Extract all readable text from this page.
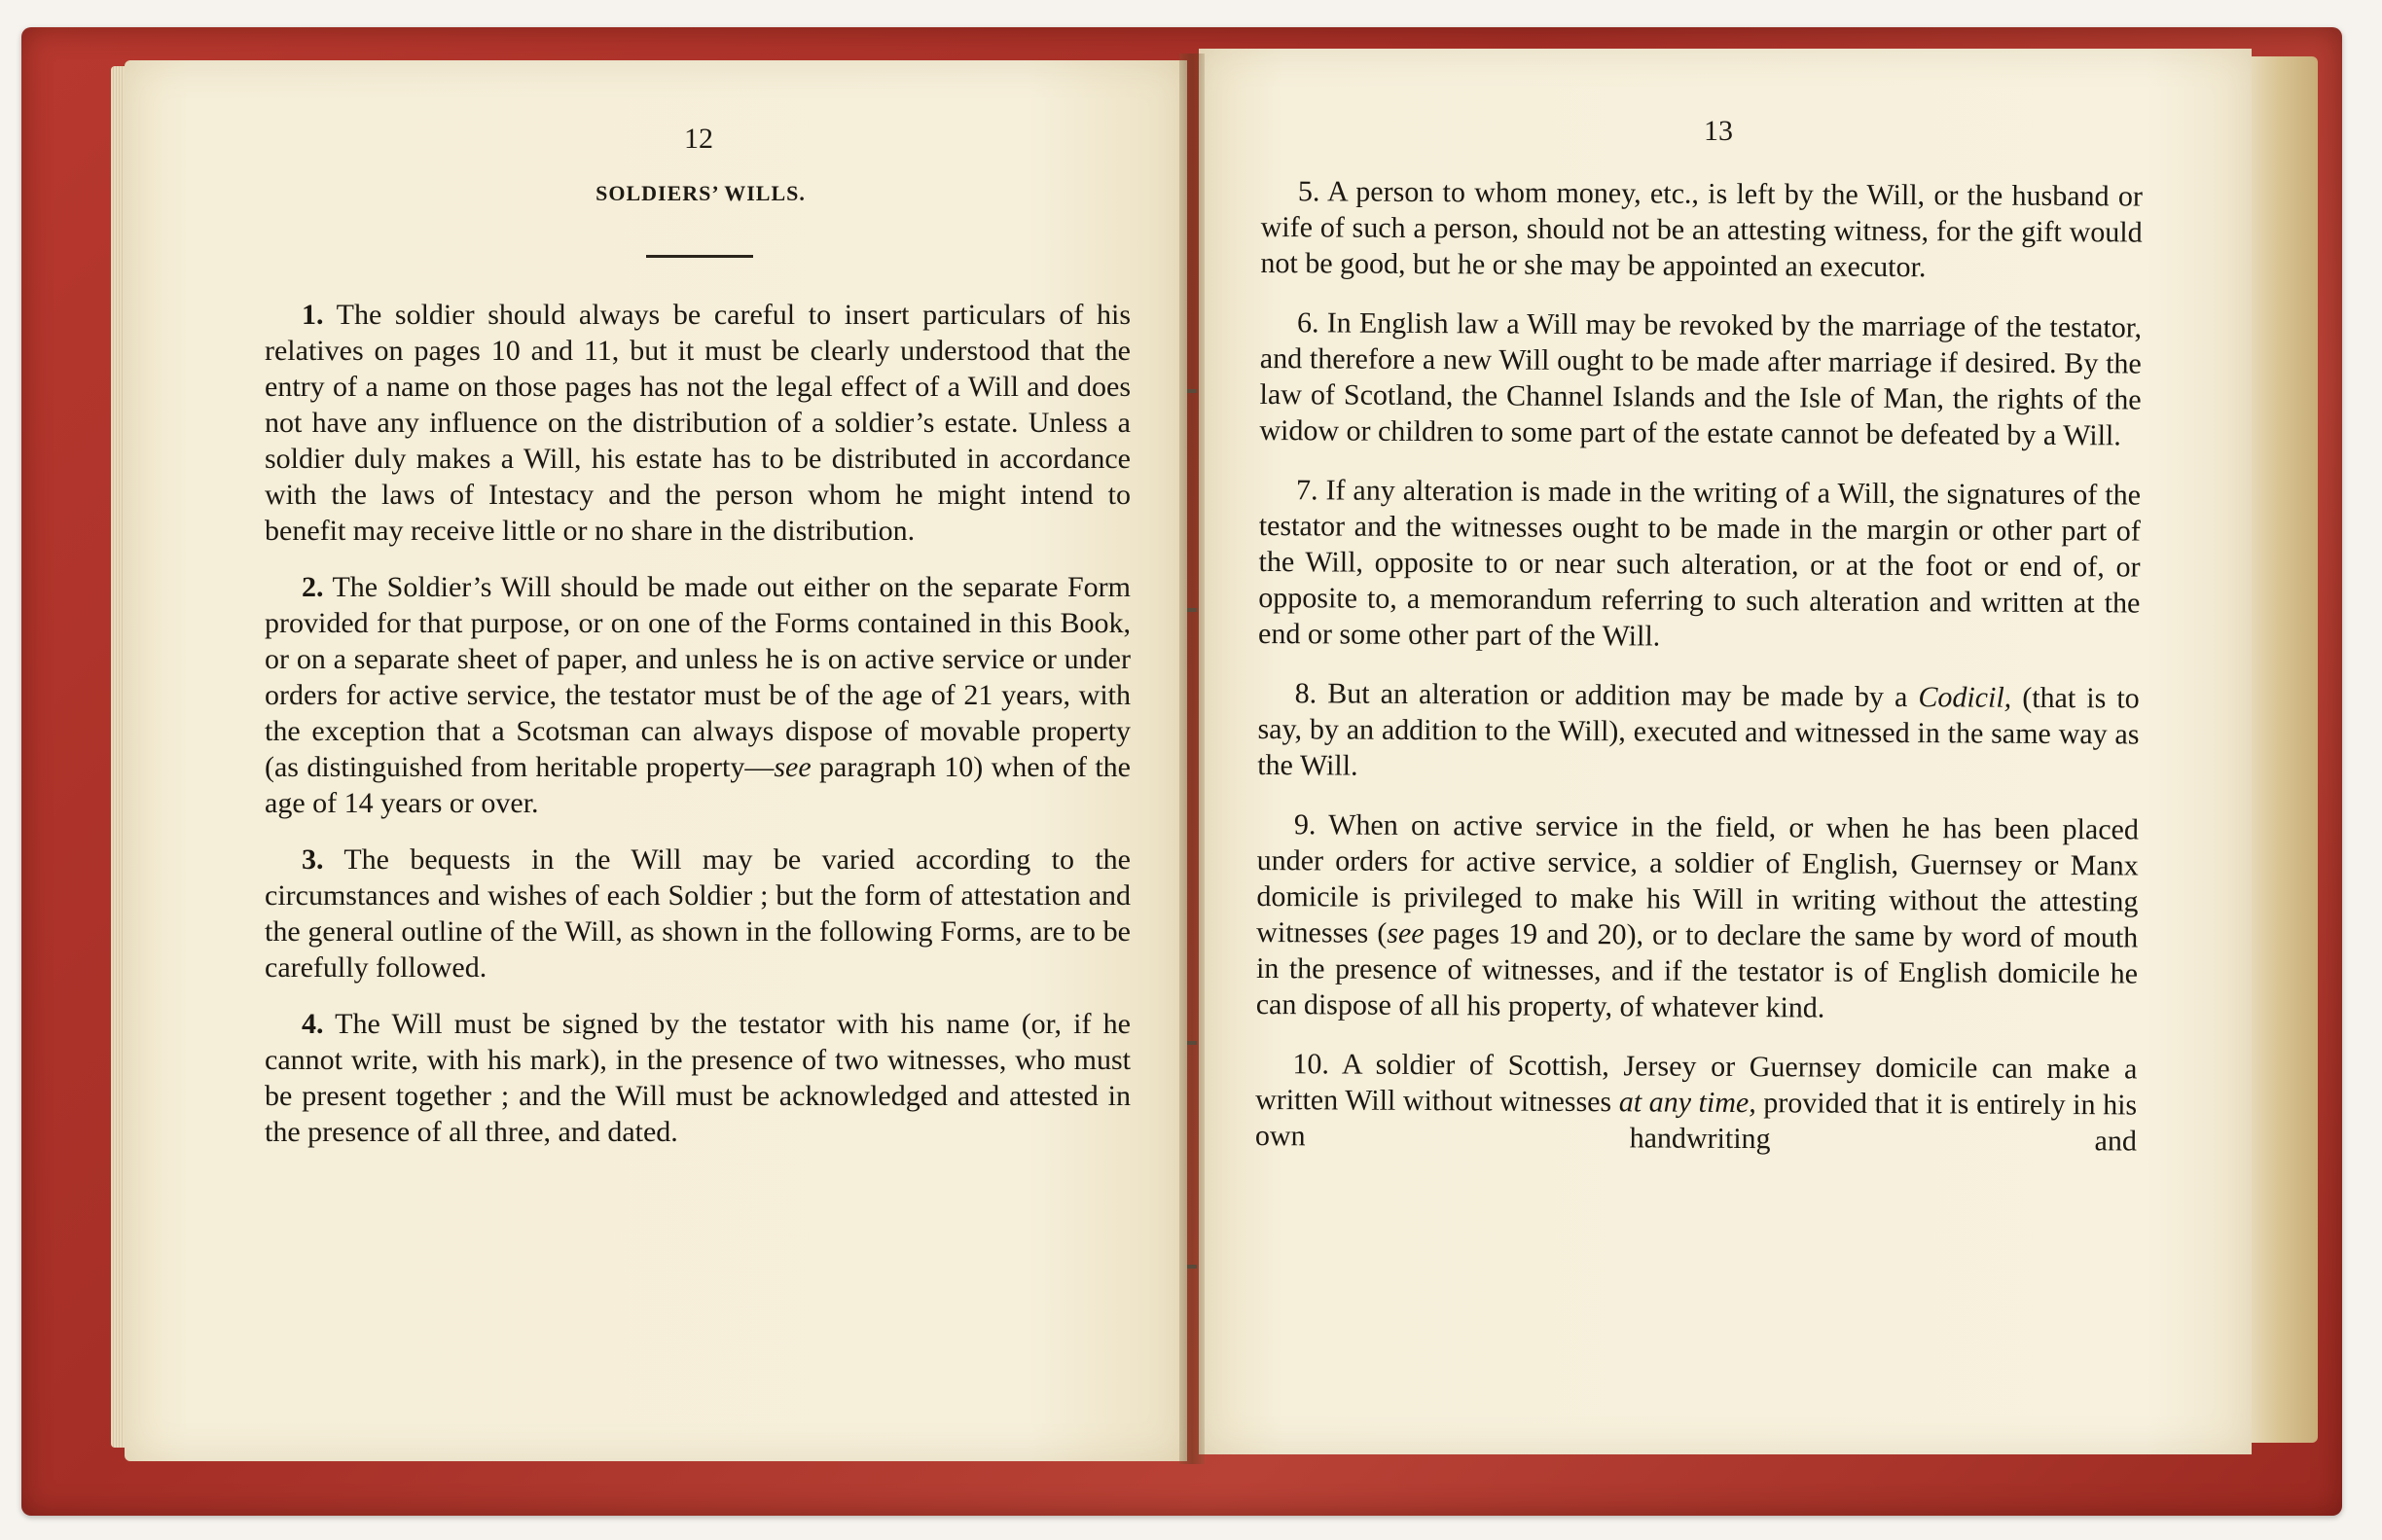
12
SOLDIERS’ WILLS.

1. The soldier should always be careful to insert particulars of his relatives on pages 10 and 11, but it must be clearly understood that the entry of a name on those pages has not the legal effect of a Will and does not have any influence on the distribution of a soldier’s estate. Unless a soldier duly makes a Will, his estate has to be distributed in accordance with the laws of Intestacy and the person whom he might intend to benefit may receive little or no share in the distribution.

2. The Soldier’s Will should be made out either on the separate Form provided for that purpose, or on one of the Forms contained in this Book, or on a separate sheet of paper, and unless he is on active service or under orders for active service, the testator must be of the age of 21 years, with the exception that a Scotsman can always dispose of movable property (as distinguished from heritable property—see paragraph 10) when of the age of 14 years or over.

3. The bequests in the Will may be varied according to the circumstances and wishes of each Soldier ; but the form of attestation and the general outline of the Will, as shown in the following Forms, are to be carefully followed.

4. The Will must be signed by the testator with his name (or, if he cannot write, with his mark), in the presence of two witnesses, who must be present together ; and the Will must be acknowledged and attested in the presence of all three, and dated.

13

5. A person to whom money, etc., is left by the Will, or the husband or wife of such a person, should not be an attesting witness, for the gift would not be good, but he or she may be appointed an executor.

6. In English law a Will may be revoked by the marriage of the testator, and therefore a new Will ought to be made after marriage if desired. By the law of Scotland, the Channel Islands and the Isle of Man, the rights of the widow or children to some part of the estate cannot be defeated by a Will.

7. If any alteration is made in the writing of a Will, the signatures of the testator and the witnesses ought to be made in the margin or other part of the Will, opposite to or near such alteration, or at the foot or end of, or opposite to, a memorandum referring to such alteration and written at the end or some other part of the Will.

8. But an alteration or addition may be made by a Codicil, (that is to say, by an addition to the Will), executed and witnessed in the same way as the Will.

9. When on active service in the field, or when he has been placed under orders for active service, a soldier of English, Guernsey or Manx domicile is privileged to make his Will in writing without the attesting witnesses (see pages 19 and 20), or to declare the same by word of mouth in the presence of witnesses, and if the testator is of English domicile he can dispose of all his property, of whatever kind.

10. A soldier of Scottish, Jersey or Guernsey domicile can make a written Will without witnesses at any time, provided that it is entirely in his own handwriting and
